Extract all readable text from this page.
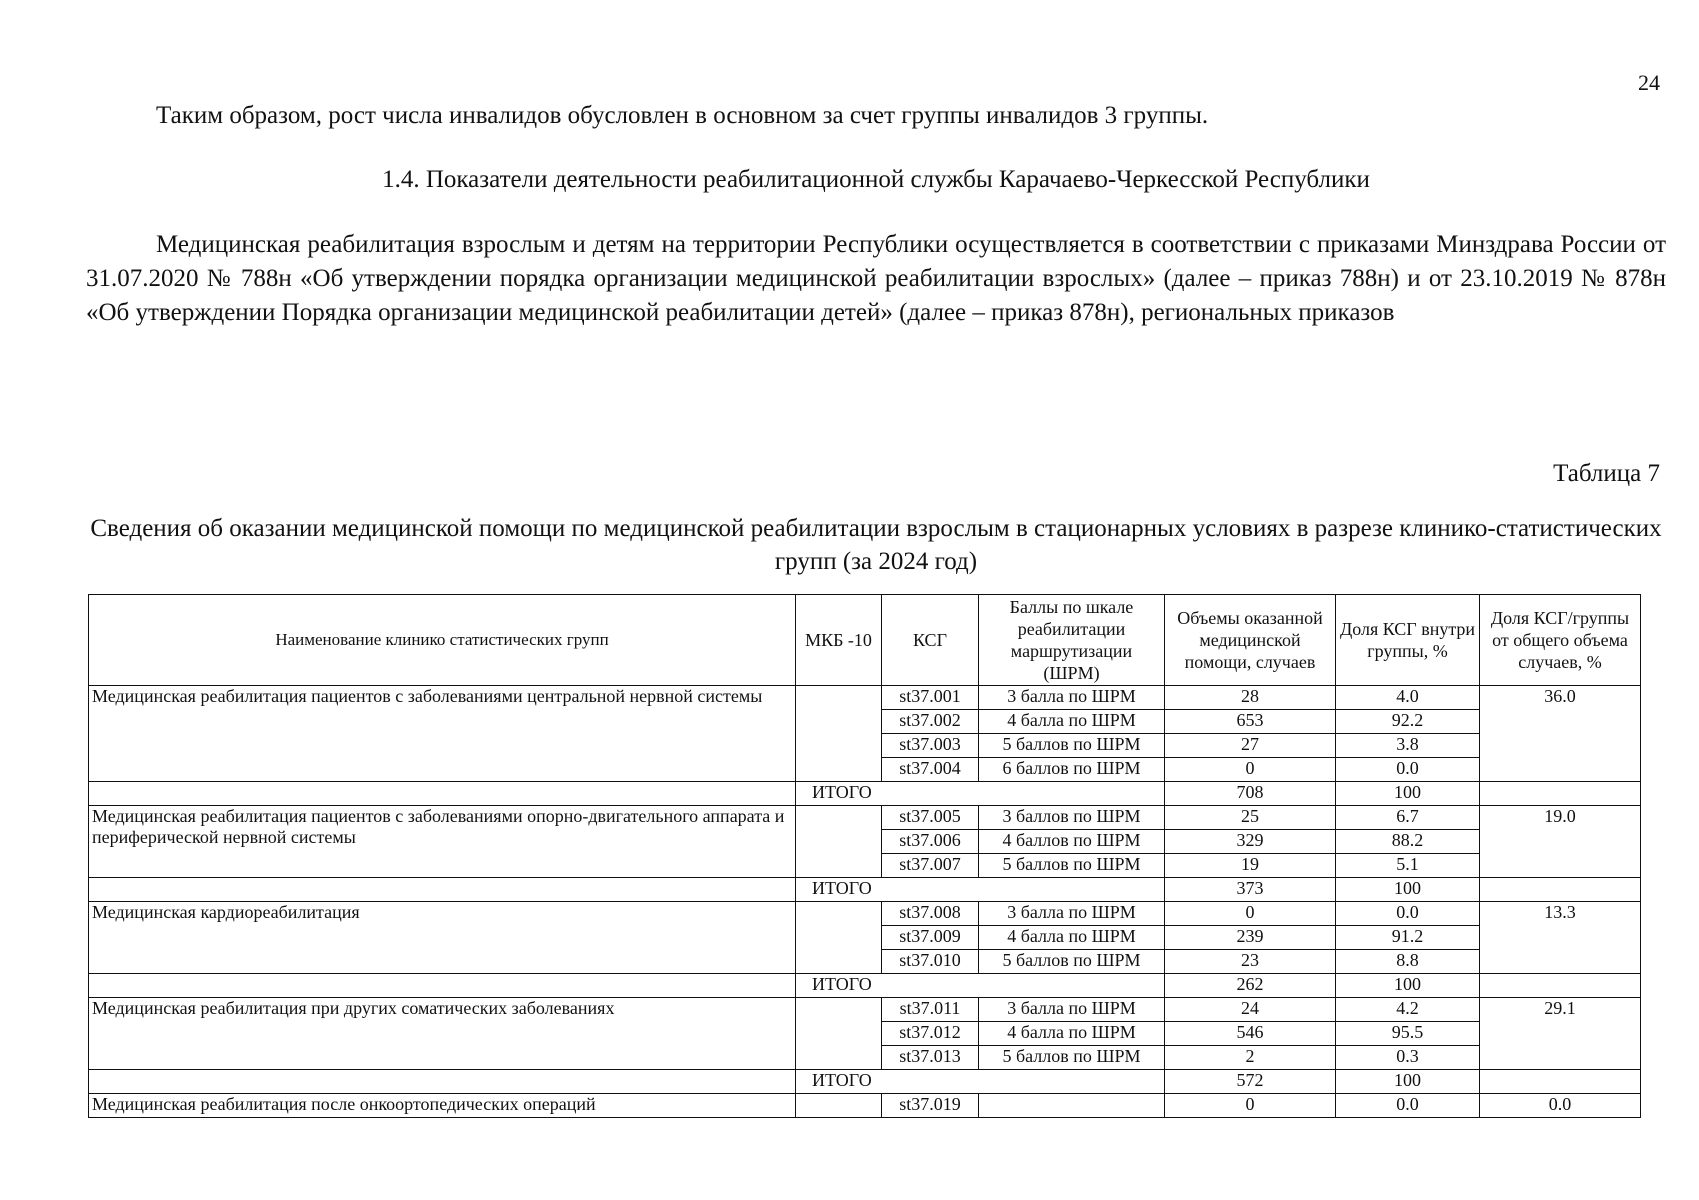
24

Таким образом, рост числа инвалидов обусловлен в основном за счет группы инвалидов 3 группы.

1.4. Показатели деятельности реабилитационной службы Карачаево-Черкесской Республики

Медицинская реабилитация взрослым и детям на территории Республики осуществляется в соответствии с приказами Минздрава России от 31.07.2020 № 788н «Об утверждении порядка организации медицинской реабилитации взрослых» (далее – приказ 788н) и от 23.10.2019 № 878н «Об утверждении Порядка организации медицинской реабилитации детей» (далее – приказ 878н), региональных приказов

Таблица 7
Сведения об оказании медицинской помощи по медицинской реабилитации взрослым в стационарных условиях в разрезе клинико-статистических групп (за 2024 год)
Наименование клинико статистических групп	МКБ -10	КСГ	Баллы по шкале реабилитации маршрутизации (ШРМ)	Объемы оказанной медицинской помощи, случаев	Доля КСГ внутри группы, %	Доля КСГ/группы от общего объема случаев, %
Медицинская реабилитация пациентов с заболеваниями центральной нервной системы		st37.001	3 балла по ШРМ	28	4.0	36.0
		st37.002	4 балла по ШРМ	653	92.2	
		st37.003	5 баллов по ШРМ	27	3.8	
		st37.004	6 баллов по ШРМ	0	0.0	
	ИТОГО			708	100	
Медицинская реабилитация пациентов с заболеваниями опорно-двигательного аппарата и периферической нервной системы		st37.005	3 баллов по ШРМ	25	6.7	19.0
		st37.006	4 баллов по ШРМ	329	88.2	
		st37.007	5 баллов по ШРМ	19	5.1	
	ИТОГО			373	100	
Медицинская кардиореабилитация		st37.008	3 балла по ШРМ	0	0.0	13.3
		st37.009	4 балла по ШРМ	239	91.2	
		st37.010	5 баллов по ШРМ	23	8.8	
	ИТОГО			262	100	
Медицинская реабилитация при других соматических заболеваниях		st37.011	3 балла по ШРМ	24	4.2	29.1
		st37.012	4 балла по ШРМ	546	95.5	
		st37.013	5 баллов по ШРМ	2	0.3	
	ИТОГО			572	100	
Медицинская реабилитация после онкоортопедических операций		st37.019		0	0.0	0.0
